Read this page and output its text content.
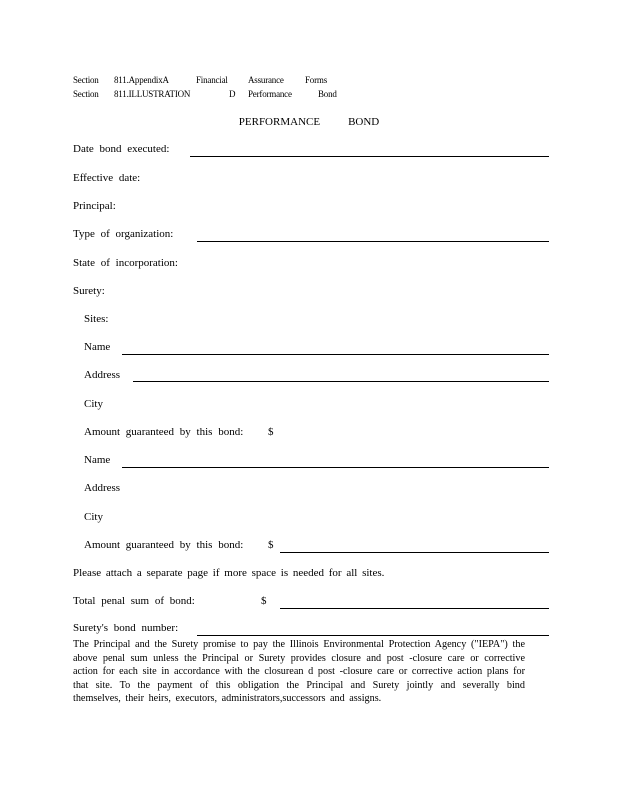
Section 811.AppendixA	Financial Assurance Forms
Section 811.ILLUSTRATION	D Performance	Bond
PERFORMANCE	BOND
Date bond executed:
Effective date:
Principal:
Type of organization:
State of incorporation:
Surety:
Sites:
Name
Address
City
Amount guaranteed by this bond: $
Name
Address
City
Amount guaranteed by this bond: $
Please attach a separate page if more space is needed for all sites.
Total penal sum of bond:	$
Surety's bond number:
The Principal and the Surety promise to pay the Illinois Environmental Protection Agency ("IEPA") the above penal sum unless the Principal or Surety provides closure and post -closure care or corrective action for each site in accordance with the closurean d post -closure care or corrective action plans for that site. To the payment of this obligation the Principal and Surety jointly and severally bind themselves, their heirs, executors, administrators,successors and assigns.
